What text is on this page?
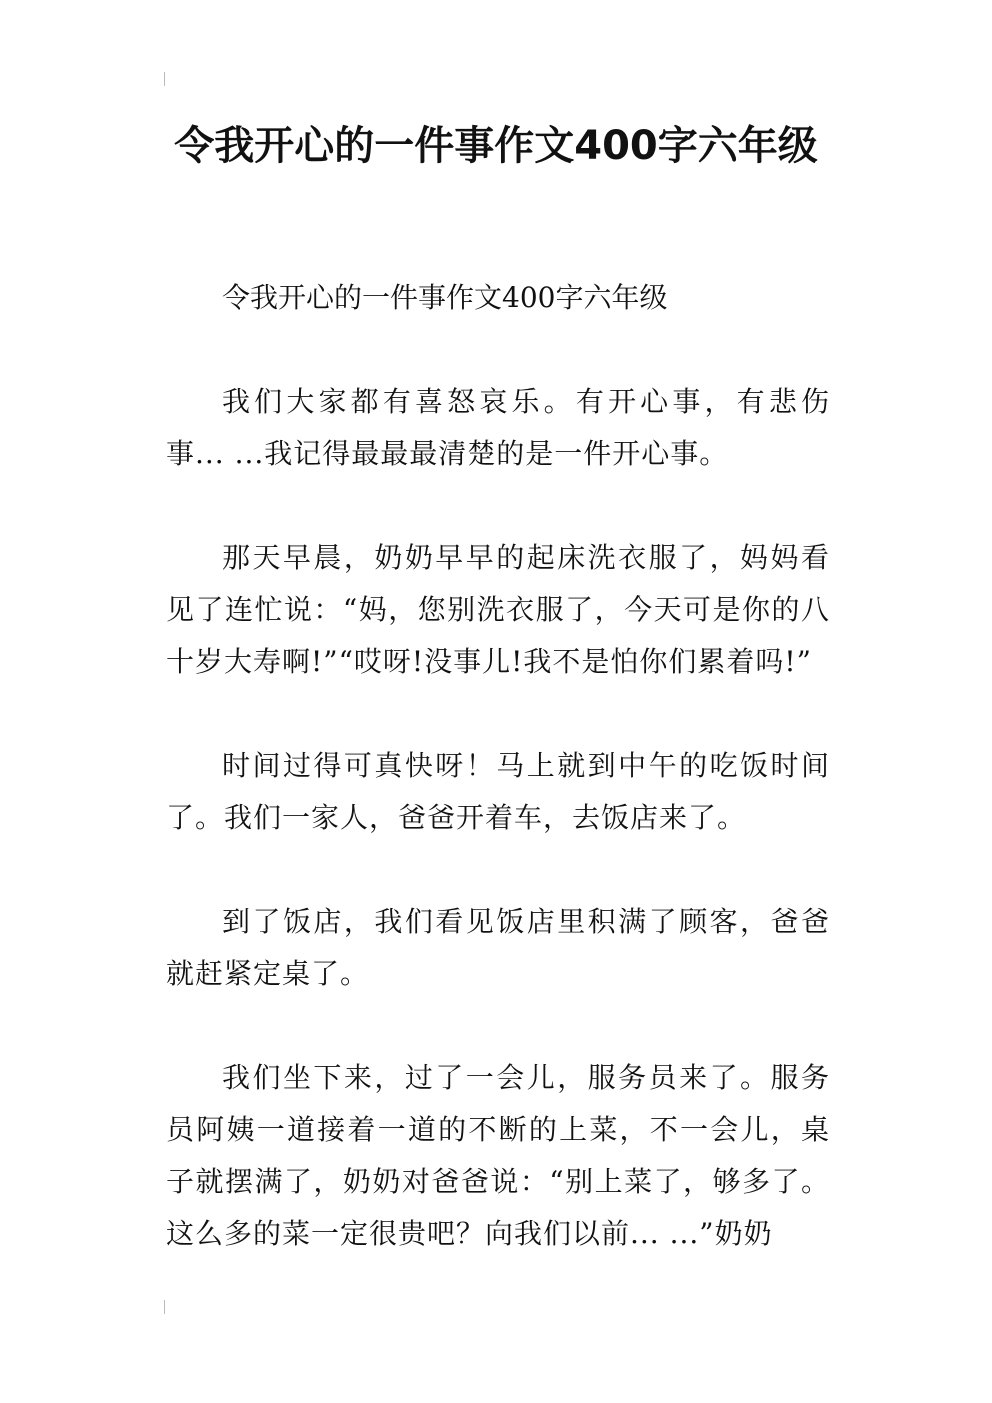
令我开心的一件事作文400字六年级

令我开心的一件事作文400字六年级

我们大家都有喜怒哀乐。有开心事，有悲伤事... ...我记得最最最清楚的是一件开心事。

那天早晨，奶奶早早的起床洗衣服了，妈妈看见了连忙说：“妈，您别洗衣服了，今天可是你的八十岁大寿啊!”“哎呀!没事儿!我不是怕你们累着吗!”

时间过得可真快呀！马上就到中午的吃饭时间了。我们一家人，爸爸开着车，去饭店来了。

到了饭店，我们看见饭店里积满了顾客，爸爸就赶紧定桌了。

我们坐下来，过了一会儿，服务员来了。服务员阿姨一道接着一道的不断的上菜，不一会儿，桌子就摆满了，奶奶对爸爸说：“别上菜了，够多了。这么多的菜一定很贵吧？向我们以前... ...”奶奶
